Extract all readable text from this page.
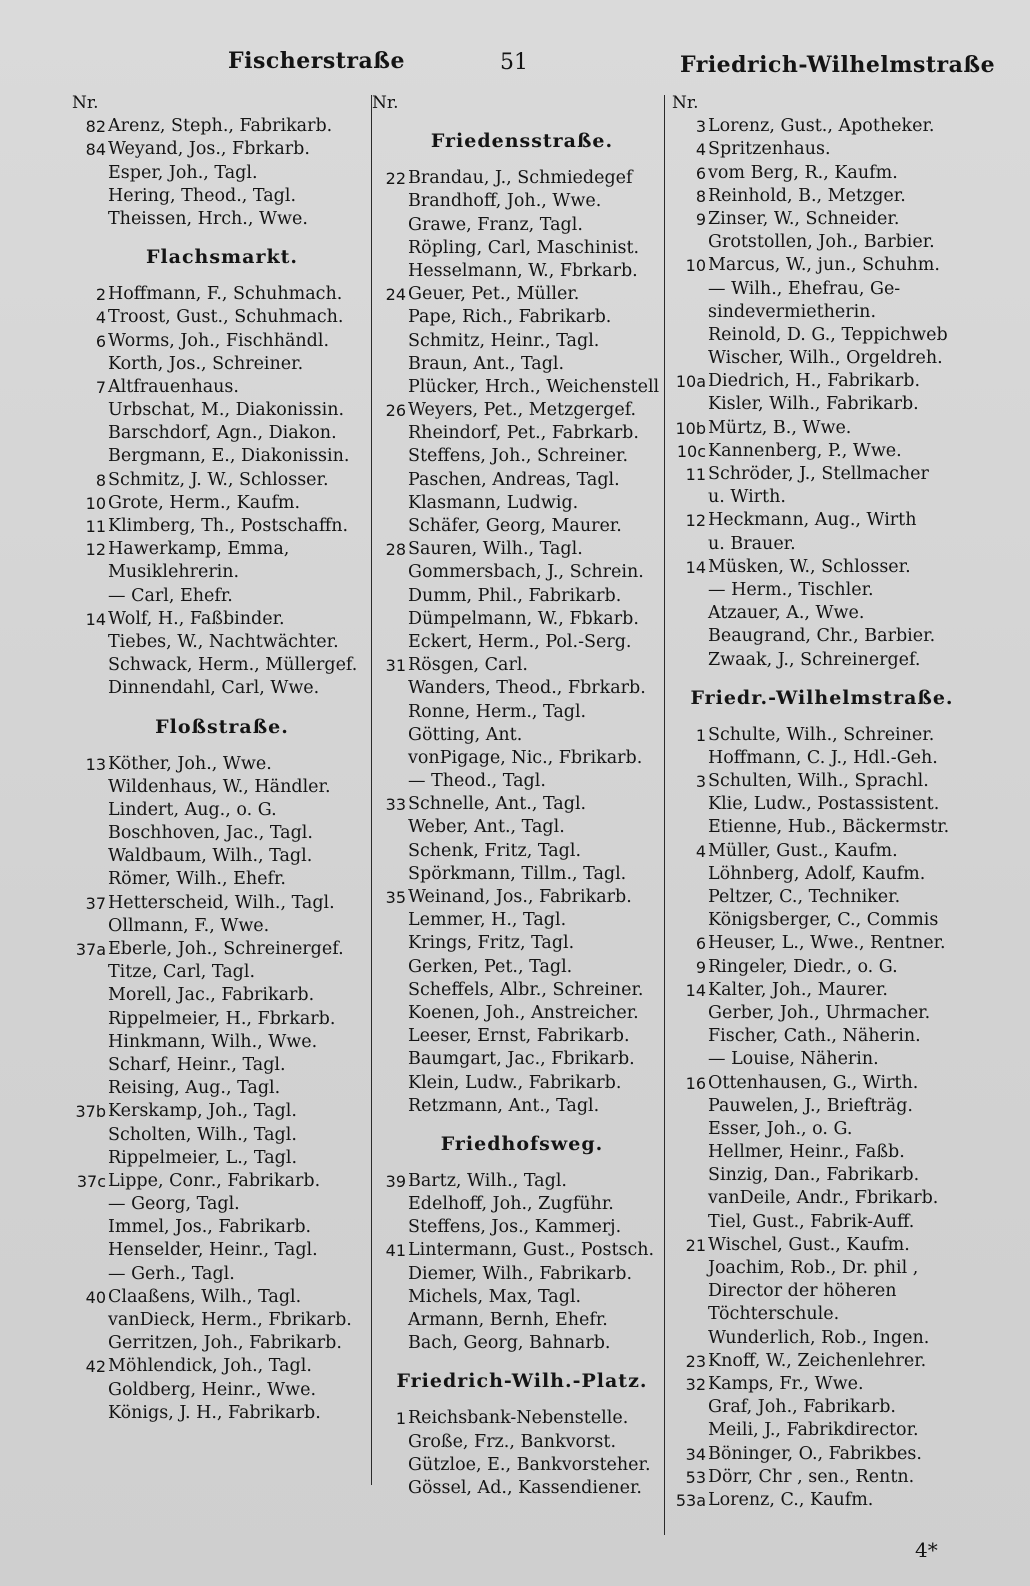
Fischerstraße	51	Friedrich-Wilhelmstraße
Nr.
82 Arenz, Steph., Fabrikarb.
84 Weyand, Jos., Fbrkarb.
Esper, Joh., Tagl.
Hering, Theod., Tagl.
Theissen, Hrch., Wwe.
Flachsmarkt.
2 Hoffmann, F., Schuhmach.
4 Troost, Gust., Schuhmach.
6 Worms, Joh., Fischhändl.
Korth, Jos., Schreiner.
7 Altfrauenhaus.
Urbschat, M., Diakonissin.
Barschdorf, Agn., Diakon.
Bergmann, E., Diakonissin.
8 Schmitz, J. W., Schlosser.
10 Grote, Herm., Kaufm.
11 Klimberg, Th., Postschaffn.
12 Hawerkamp, Emma,
Musiklehrerin.
— Carl, Ehefr.
14 Wolf, H., Faßbinder.
Tiebes, W., Nachtwächter.
Schwack, Herm., Müllergef.
Dinnendahl, Carl, Wwe.
Floßstraße.
13 Köther, Joh., Wwe.
Wildenhaus, W., Händler.
Lindert, Aug., o. G.
Boschhoven, Jac., Tagl.
Waldbaum, Wilh., Tagl.
Römer, Wilh., Ehefr.
37 Hetterscheid, Wilh., Tagl.
Ollmann, F., Wwe.
37a Eberle, Joh., Schreinergef.
Titze, Carl, Tagl.
Morell, Jac., Fabrikarb.
Rippelmeier, H., Fbrkarb.
Hinkmann, Wilh., Wwe.
Scharf, Heinr., Tagl.
Reising, Aug., Tagl.
37b Kerskamp, Joh., Tagl.
Scholten, Wilh., Tagl.
Rippelmeier, L., Tagl.
37c Lippe, Conr., Fabrikarb.
— Georg, Tagl.
Immel, Jos., Fabrikarb.
Henselder, Heinr., Tagl.
— Gerh., Tagl.
40 Claaßens, Wilh., Tagl.
vanDieck, Herm., Fbrikarb.
Gerritzen, Joh., Fabrikarb.
42 Möhlendick, Joh., Tagl.
Goldberg, Heinr., Wwe.
Königs, J. H., Fabrikarb.
Nr.
Friedensstraße.
22 Brandau, J., Schmiedegef
Brandhoff, Joh., Wwe.
Grawe, Franz, Tagl.
Röpling, Carl, Maschinist.
Hesselmann, W., Fbrkarb.
24 Geuer, Pet., Müller.
Pape, Rich., Fabrikarb.
Schmitz, Heinr., Tagl.
Braun, Ant., Tagl.
Plücker, Hrch., Weichenstell
26 Weyers, Pet., Metzgergef.
Rheindorf, Pet., Fabrkarb.
Steffens, Joh., Schreiner.
Paschen, Andreas, Tagl.
Klasmann, Ludwig.
Schäfer, Georg, Maurer.
28 Sauren, Wilh., Tagl.
Gommersbach, J., Schrein.
Dumm, Phil., Fabrikarb.
Dümpelmann, W., Fbkarb.
Eckert, Herm., Pol.-Serg.
31 Rösgen, Carl.
Wanders, Theod., Fbrkarb.
Ronne, Herm., Tagl.
Götting, Ant.
vonPigage, Nic., Fbrikarb.
— Theod., Tagl.
33 Schnelle, Ant., Tagl.
Weber, Ant., Tagl.
Schenk, Fritz, Tagl.
Spörkmann, Tillm., Tagl.
35 Weinand, Jos., Fabrikarb.
Lemmer, H., Tagl.
Krings, Fritz, Tagl.
Gerken, Pet., Tagl.
Scheffels, Albr., Schreiner.
Koenen, Joh., Anstreicher.
Leeser, Ernst, Fabrikarb.
Baumgart, Jac., Fbrikarb.
Klein, Ludw., Fabrikarb.
Retzmann, Ant., Tagl.
Friedhofsweg.
39 Bartz, Wilh., Tagl.
Edelhoff, Joh., Zugführ.
Steffens, Jos., Kammerj.
41 Lintermann, Gust., Postsch.
Diemer, Wilh., Fabrikarb.
Michels, Max, Tagl.
Armann, Bernh, Ehefr.
Bach, Georg, Bahnarb.
Friedrich-Wilh.-Platz.
1 Reichsbank-Nebenstelle.
Große, Frz., Bankvorst.
Gützloe, E., Bankvorsteher.
Gössel, Ad., Kassendiener.
Nr.
3 Lorenz, Gust., Apotheker.
4 Spritzenhaus.
6 vom Berg, R., Kaufm.
8 Reinhold, B., Metzger.
9 Zinser, W., Schneider.
Grotstollen, Joh., Barbier.
10 Marcus, W., jun., Schuhm.
— Wilh., Ehefrau, Ge-
sindevermietherin.
Reinold, D. G., Teppichweb
Wischer, Wilh., Orgeldreh.
10a Diedrich, H., Fabrikarb.
Kisler, Wilh., Fabrikarb.
10b Mürtz, B., Wwe.
10c Kannenberg, P., Wwe.
11 Schröder, J., Stellmacher
u. Wirth.
12 Heckmann, Aug., Wirth
u. Brauer.
14 Müsken, W., Schlosser.
— Herm., Tischler.
Atzauer, A., Wwe.
Beaugrand, Chr., Barbier.
Zwaak, J., Schreinergef.
Friedr.-Wilhelmstraße.
1 Schulte, Wilh., Schreiner.
Hoffmann, C. J., Hdl.-Geh.
3 Schulten, Wilh., Sprachl.
Klie, Ludw., Postassistent.
Etienne, Hub., Bäckermstr.
4 Müller, Gust., Kaufm.
Löhnberg, Adolf, Kaufm.
Peltzer, C., Techniker.
Königsberger, C., Commis
6 Heuser, L., Wwe., Rentner.
9 Ringeler, Diedr., o. G.
14 Kalter, Joh., Maurer.
Gerber, Joh., Uhrmacher.
Fischer, Cath., Näherin.
— Louise, Näherin.
16 Ottenhausen, G., Wirth.
Pauwelen, J., Briefträg.
Esser, Joh., o. G.
Hellmer, Heinr., Faßb.
Sinzig, Dan., Fabrikarb.
vanDeile, Andr., Fbrikarb.
Tiel, Gust., Fabrik-Auff.
21 Wischel, Gust., Kaufm.
Joachim, Rob., Dr. phil ,
Director der höheren
Töchterschule.
Wunderlich, Rob., Ingen.
23 Knoff, W., Zeichenlehrer.
32 Kamps, Fr., Wwe.
Graf, Joh., Fabrikarb.
Meili, J., Fabrikdirector.
34 Böninger, O., Fabrikbes.
53 Dörr, Chr , sen., Rentn.
53a Lorenz, C., Kaufm.
4*
